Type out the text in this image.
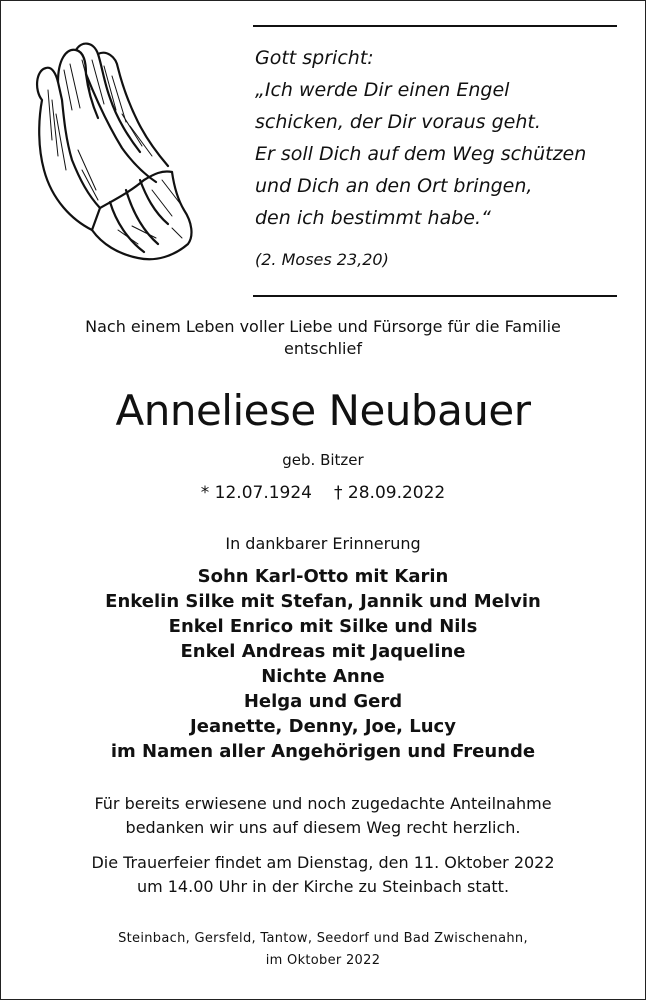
Gott spricht:
„Ich werde Dir einen Engel
schicken, der Dir voraus geht.
Er soll Dich auf dem Weg schützen
und Dich an den Ort bringen,
den ich bestimmt habe.“
(2. Moses 23,20)
Nach einem Leben voller Liebe und Fürsorge für die Familie
entschlief
Anneliese Neubauer
geb. Bitzer
* 12.07.1924 † 28.09.2022
In dankbarer Erinnerung
Sohn Karl-Otto mit Karin
Enkelin Silke mit Stefan, Jannik und Melvin
Enkel Enrico mit Silke und Nils
Enkel Andreas mit Jaqueline
Nichte Anne
Helga und Gerd
Jeanette, Denny, Joe, Lucy
im Namen aller Angehörigen und Freunde
Für bereits erwiesene und noch zugedachte Anteilnahme
bedanken wir uns auf diesem Weg recht herzlich.
Die Trauerfeier findet am Dienstag, den 11. Oktober 2022
um 14.00 Uhr in der Kirche zu Steinbach statt.
Steinbach, Gersfeld, Tantow, Seedorf und Bad Zwischenahn,
im Oktober 2022
